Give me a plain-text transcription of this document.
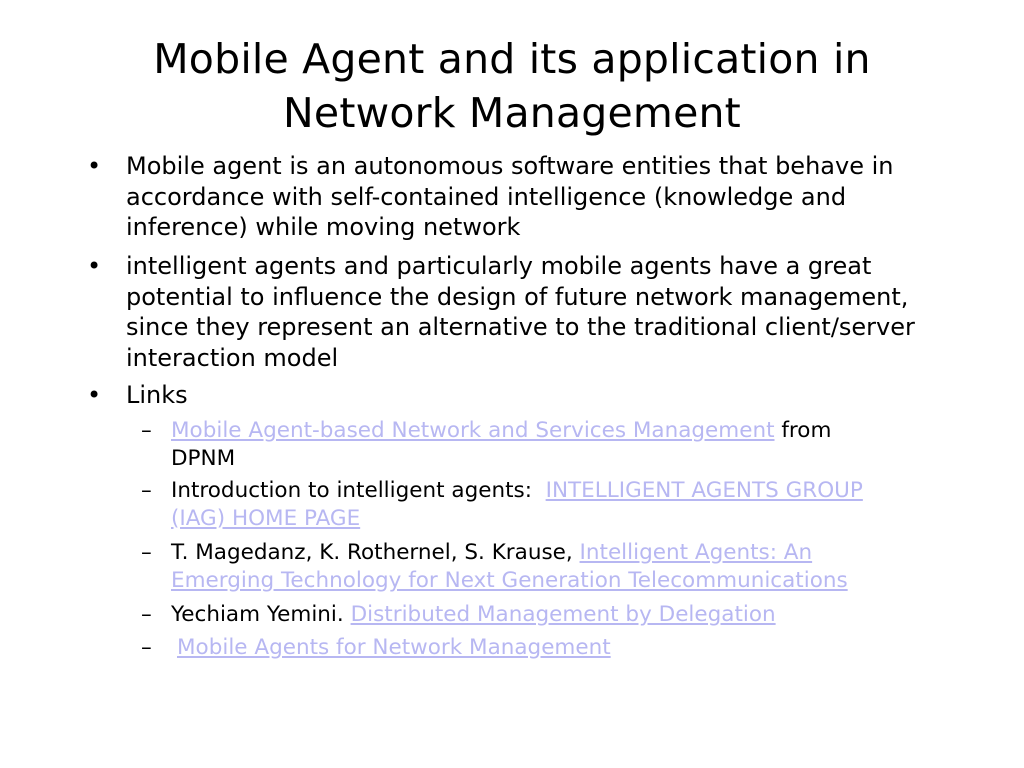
Mobile Agent and its application in
Network Management
• Mobile agent is an autonomous software entities that behave in
accordance with self-contained intelligence (knowledge and
inference) while moving network
• intelligent agents and particularly mobile agents have a great
potential to influence the design of future network management,
since they represent an alternative to the traditional client/server
interaction model
• Links
– Mobile Agent-based Network and Services Management from
DPNM
– Introduction to intelligent agents:  INTELLIGENT AGENTS GROUP
(IAG) HOME PAGE
– T. Magedanz, K. Rothernel, S. Krause, Intelligent Agents: An
Emerging Technology for Next Generation Telecommunications
– Yechiam Yemini. Distributed Management by Delegation
– Mobile Agents for Network Management
